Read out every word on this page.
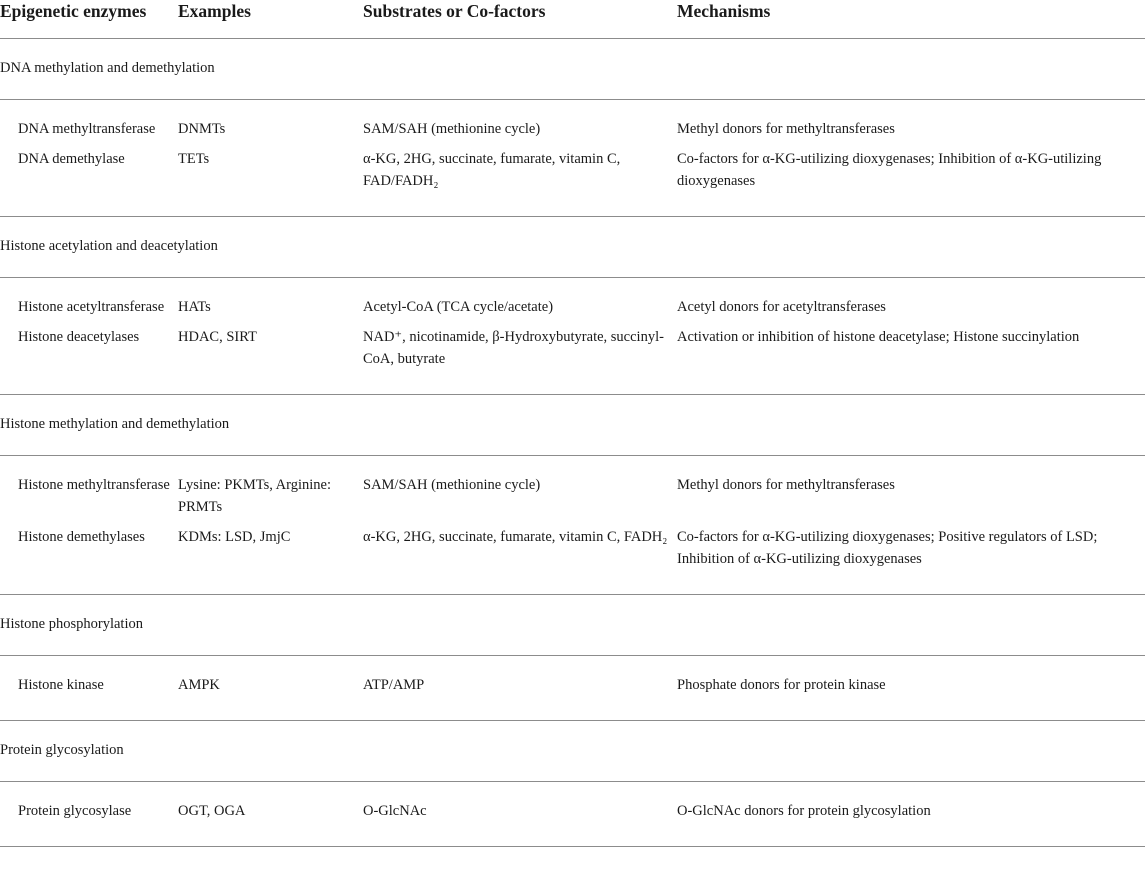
Epigenetic enzymes	Examples	Substrates or Co-factors	Mechanisms
DNA methylation and demethylation			
DNA methyltransferase	DNMTs	SAM/SAH (methionine cycle)	Methyl donors for methyltransferases
DNA demethylase	TETs	α-KG, 2HG, succinate, fumarate, vitamin C, FAD/FADH₂	Co-factors for α-KG-utilizing dioxygenases; Inhibition of α-KG-utilizing dioxygenases
Histone acetylation and deacetylation			
Histone acetyltransferase	HATs	Acetyl-CoA (TCA cycle/acetate)	Acetyl donors for acetyltransferases
Histone deacetylases	HDAC, SIRT	NAD⁺, nicotinamide, β-Hydroxybutyrate, succinyl-CoA, butyrate	Activation or inhibition of histone deacetylase; Histone succinylation
Histone methylation and demethylation			
Histone methyltransferase	Lysine: PKMTs, Arginine: PRMTs	SAM/SAH (methionine cycle)	Methyl donors for methyltransferases
Histone demethylases	KDMs: LSD, JmjC	α-KG, 2HG, succinate, fumarate, vitamin C, FADH₂	Co-factors for α-KG-utilizing dioxygenases; Positive regulators of LSD; Inhibition of α-KG-utilizing dioxygenases
Histone phosphorylation			
Histone kinase	AMPK	ATP/AMP	Phosphate donors for protein kinase
Protein glycosylation			
Protein glycosylase	OGT, OGA	O-GlcNAc	O-GlcNAc donors for protein glycosylation
